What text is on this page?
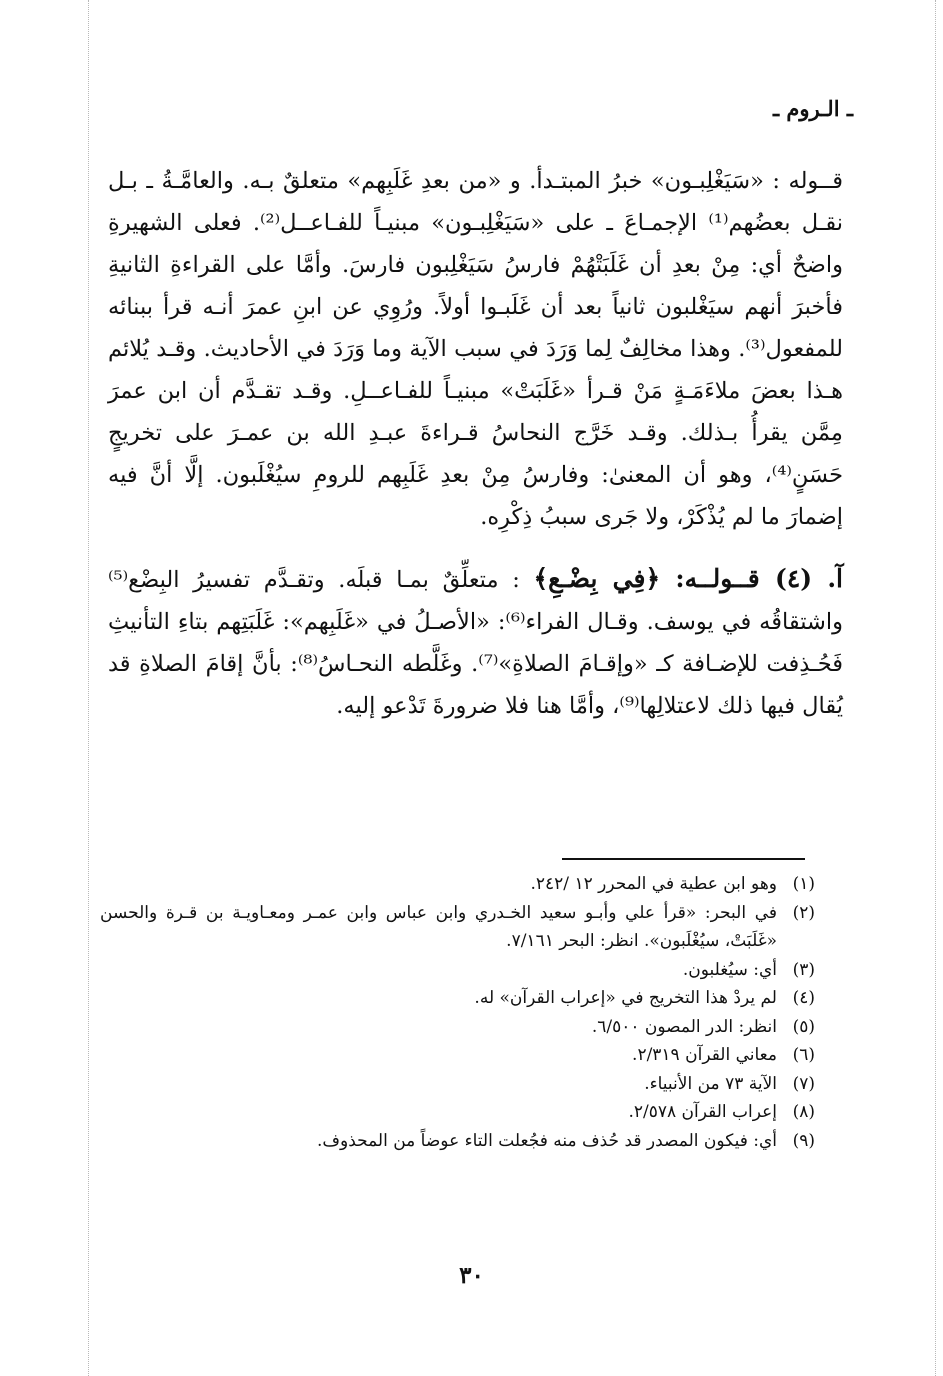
ـ الـروم ـ

قــوله : «سَيَغْلِبـون» خبرُ المبتـدأ. و «من بعدِ غَلَبِهم» متعلقٌ بـه. والعامَّـةُ ـ بـل نقـل بعضُهم⁽¹⁾ الإجمـاعَ ـ على «سَيَغْلِبـون» مبنيـاً للفـاعــل⁽²⁾. فعلى الشهيرةِ واضحٌ أي: مِنْ بعدِ أن غَلَبَتْهُمْ فارسُ سَيَغْلِبون فارسَ. وأمَّا على القراءةِ الثانيةِ فأخبرَ أنهم سيَغْلبون ثانياً بعد أن غَلَبـوا أولاً. ورُوِي عن ابنِ عمرَ أنـه قرأ ببنائه للمفعول⁽³⁾. وهذا مخالِفٌ لِما وَرَدَ في سبب الآية وما وَرَدَ في الأحاديث. وقـد يُلائم هـذا بعضَ ملاءَمَـةٍ مَنْ قـرأ «غَلَبَتْ» مبنيـاً للفـاعــلِ. وقـد تقـدَّم أن ابن عمرَ مِمَّن يقرأُ بـذلك. وقـد خَرَّج النحاسُ قـراءةَ عبـدِ الله بن عمـرَ على تخريجٍ حَسَنٍ⁽⁴⁾، وهو أن المعنىٰ: وفارسُ مِنْ بعدِ غَلَبِهم للرومِ سيُغْلَبون. إلَّا أنَّ فيه إضمارَ ما لم يُذْكَرْ، ولا جَرى سببُ ذِكْرِه.

آ. (٤) قــولــه: ﴿فِي بِضْـعِ﴾ : متعلِّقٌ بمـا قبلَه. وتقـدَّم تفسيرُ البِضْع⁽⁵⁾ واشتقاقُه في يوسف. وقـال الفراء⁽⁶⁾: «الأصـلُ في «غَلَبِهم»: غَلَبَتِهم بتاءِ التأنيثِ فَحُـذِفت للإضـافة كـ «وإقـامَ الصلاةِ»⁽⁷⁾. وغَلَّطه النحـاسُ⁽⁸⁾: بأنَّ إقامَ الصلاةِ قد يُقال فيها ذلك لاعتلالِها⁽⁹⁾، وأمَّا هنا فلا ضرورةَ تَدْعو إليه.

(١)
وهو ابن عطية في المحرر ١٢ /٢٤٢.
(٢)
في البحر: «قرأ علي وأبـو سعيد الخـدري وابن عباس وابن عمـر ومعـاويـة بن قـرة والحسن «غَلَبَتْ، سيُغْلَبون». انظر: البحر ٧/١٦١.
(٣)
أي: سيُغلبون.
(٤)
لم يردْ هذا التخريج في «إعراب القرآن» له.
(٥)
انظر: الدر المصون ٦/٥٠٠.
(٦)
معاني القرآن ٢/٣١٩.
(٧)
الآية ٧٣ من الأنبياء.
(٨)
إعراب القرآن ٢/٥٧٨.
(٩)
أي: فيكون المصدر قد حُذف منه فجُعلت التاء عوضاً من المحذوف.
٣٠
